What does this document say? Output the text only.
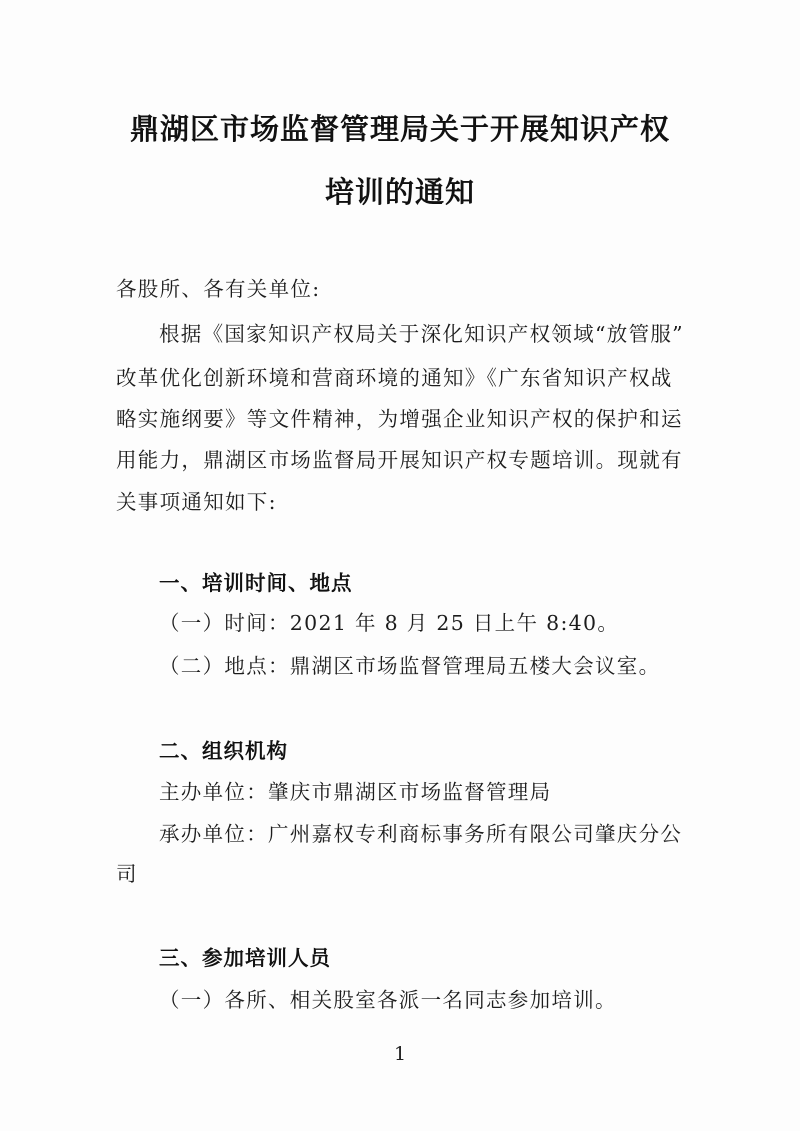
鼎湖区市场监督管理局关于开展知识产权
培训的通知
各股所、各有关单位:
根据《国家知识产权局关于深化知识产权领域“放管服”
改革优化创新环境和营商环境的通知》《广东省知识产权战
略实施纲要》等文件精神，为增强企业知识产权的保护和运
用能力，鼎湖区市场监督局开展知识产权专题培训。现就有
关事项通知如下:
一、培训时间、地点
（一）时间：2021 年 8 月 25 日上午 8:40。
（二）地点：鼎湖区市场监督管理局五楼大会议室。
二、组织机构
主办单位：肇庆市鼎湖区市场监督管理局
承办单位：广州嘉权专利商标事务所有限公司肇庆分公
司
三、参加培训人员
（一）各所、相关股室各派一名同志参加培训。
1
